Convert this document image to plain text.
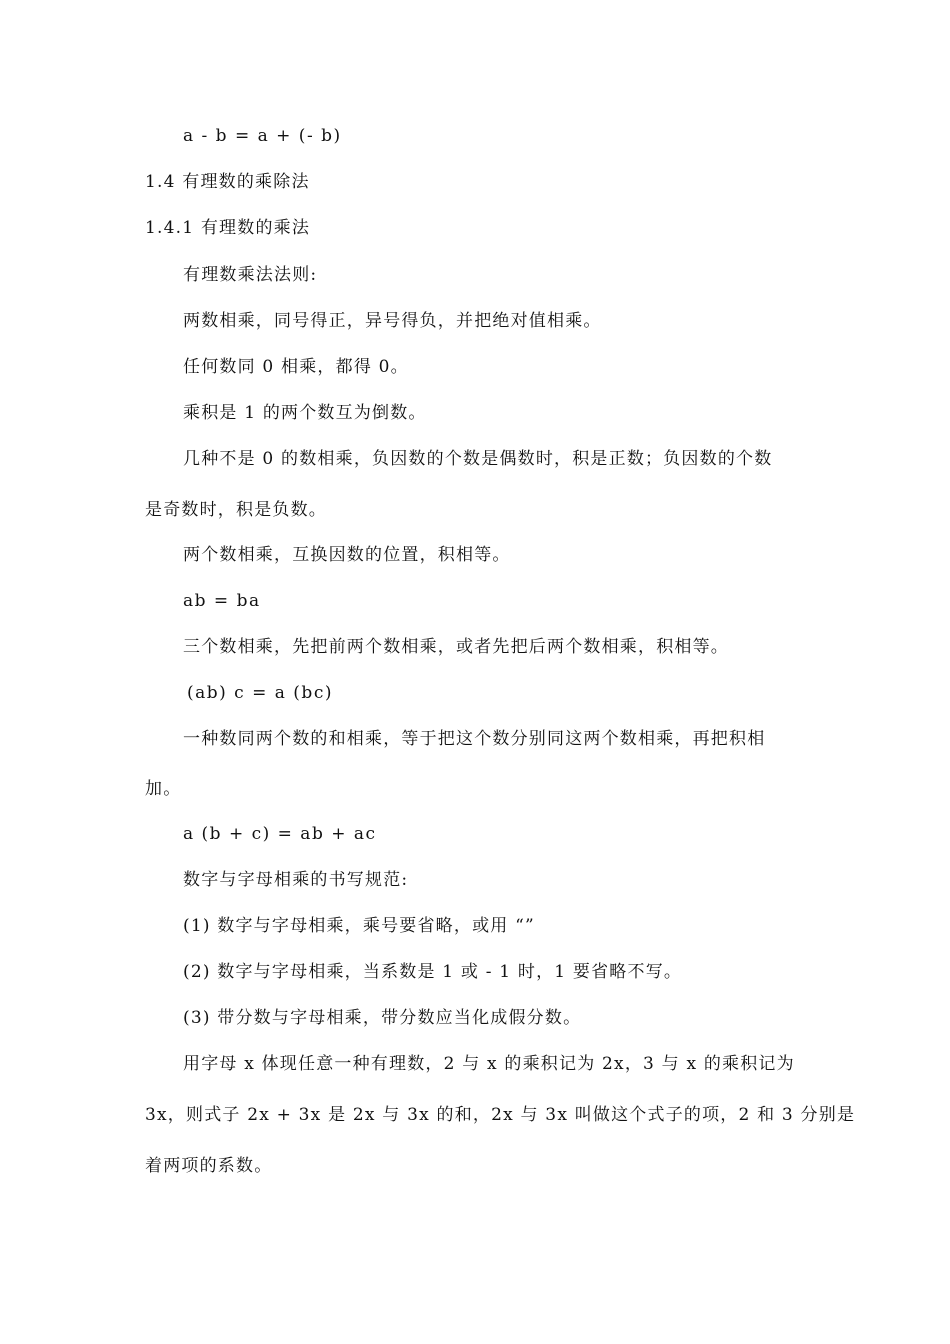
a - b = a + (- b)
1.4 有理数的乘除法
1.4.1 有理数的乘法
有理数乘法法则:
两数相乘，同号得正，异号得负，并把绝对值相乘。
任何数同 0 相乘，都得 0。
乘积是 1 的两个数互为倒数。
几种不是 0 的数相乘，负因数的个数是偶数时，积是正数；负因数的个数
是奇数时，积是负数。
两个数相乘，互换因数的位置，积相等。
ab = ba
三个数相乘，先把前两个数相乘，或者先把后两个数相乘，积相等。
(ab) c = a (bc)
一种数同两个数的和相乘，等于把这个数分别同这两个数相乘，再把积相
加。
a (b + c) = ab + ac
数字与字母相乘的书写规范:
(1) 数字与字母相乘，乘号要省略，或用 “”
(2) 数字与字母相乘，当系数是 1 或 - 1 时，1 要省略不写。
(3) 带分数与字母相乘，带分数应当化成假分数。
用字母 x 体现任意一种有理数，2 与 x 的乘积记为 2x，3 与 x 的乘积记为
3x，则式子 2x + 3x 是 2x 与 3x 的和，2x 与 3x 叫做这个式子的项，2 和 3 分别是
着两项的系数。
